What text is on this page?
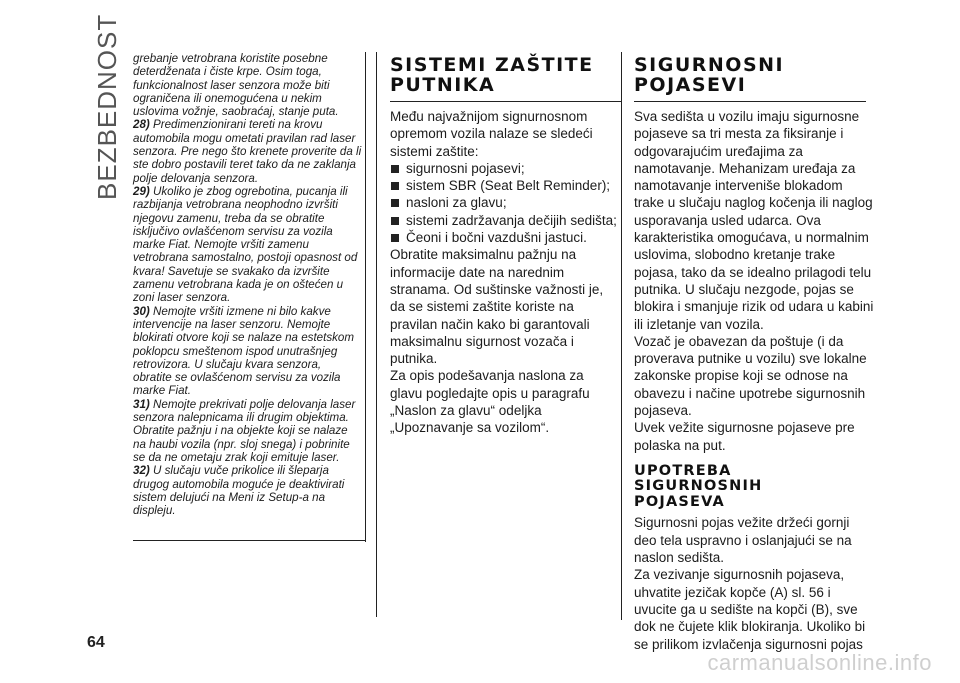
BEZBEDNOST grebanje vetrobrana koristite posebne deterdženata i čiste krpe. Osim toga, funkcionalnost laser senzora može biti ograničena ili onemogućena u nekim uslovima vožnje, saobraćaj, stanje puta.

28) Predimenzionirani tereti na krovu automobila mogu ometati pravilan rad laser senzora. Pre nego što krenete proverite da li ste dobro postavili teret tako da ne zaklanja polje delovanja senzora.

29) Ukoliko je zbog ogrebotina, pucanja ili razbijanja vetrobrana neophodno izvršiti njegovu zamenu, treba da se obratite isključivo ovlašćenom servisu za vozila marke Fiat. Nemojte vršiti zamenu vetrobrana samostalno, postoji opasnost od kvara! Savetuje se svakako da izvršite zamenu vetrobrana kada je on oštećen u zoni laser senzora.

30) Nemojte vršiti izmene ni bilo kakve intervencije na laser senzoru. Nemojte blokirati otvore koji se nalaze na estetskom poklopcu smeštenom ispod unutrašnjeg retrovizora. U slučaju kvara senzora, obratite se ovlašćenom servisu za vozila marke Fiat.

31) Nemojte prekrivati polje delovanja laser senzora nalepnicama ili drugim objektima. Obratite pažnju i na objekte koji se nalaze na haubi vozila (npr. sloj snega) i pobrinite se da ne ometaju zrak koji emituje laser.

32) U slučaju vuče prikolice ili šleparja drugog automobila moguće je deaktivirati sistem delujući na Meni iz Setup-a na displeju.

SISTEMI ZAŠTITE
PUTNIKA

Među najvažnijom signurnosnom opremom vozila nalaze se sledeći sistemi zaštite:

sigurnosni pojasevi;
sistem SBR (Seat Belt Reminder);
nasloni za glavu;
sistemi zadržavanja dečijih sedišta;
Čeoni i bočni vazdušni jastuci.

Obratite maksimalnu pažnju na informacije date na narednim stranama. Od suštinske važnosti je, da se sistemi zaštite koriste na pravilan način kako bi garantovali maksimalnu sigurnost vozača i putnika.

Za opis podešavanja naslona za glavu pogledajte opis u paragrafu „Naslon za glavu“ odeljka „Upoznavanje sa vozilom“.

SIGURNOSNI
POJASEVI

Sva sedišta u vozilu imaju sigurnosne pojaseve sa tri mesta za fiksiranje i odgovarajućim uređajima za namotavanje. Mehanizam uređaja za namotavanje interveniše blokadom trake u slučaju naglog kočenja ili naglog usporavanja usled udarca. Ova karakteristika omogućava, u normalnim uslovima, slobodno kretanje trake pojasa, tako da se idealno prilagodi telu putnika. U slučaju nezgode, pojas se blokira i smanjuje rizik od udara u kabini ili izletanje van vozila.

Vozač je obavezan da poštuje (i da proverava putnike u vozilu) sve lokalne zakonske propise koji se odnose na obavezu i načine upotrebe sigurnosnih pojaseva.

Uvek vežite sigurnosne pojaseve pre polaska na put.

UPOTREBA
SIGURNOSNIH
POJASEVA

Sigurnosni pojas vežite držeći gornji deo tela uspravno i oslanjajući se na naslon sedišta.

Za vezivanje sigurnosnih pojaseva, uhvatite jezičak kopče (A) sl. 56 i uvucite ga u sedište na kopči (B), sve dok ne čujete klik blokiranja. Ukoliko bi se prilikom izvlačenja sigurnosni pojas

64
carmanualsonline.info
